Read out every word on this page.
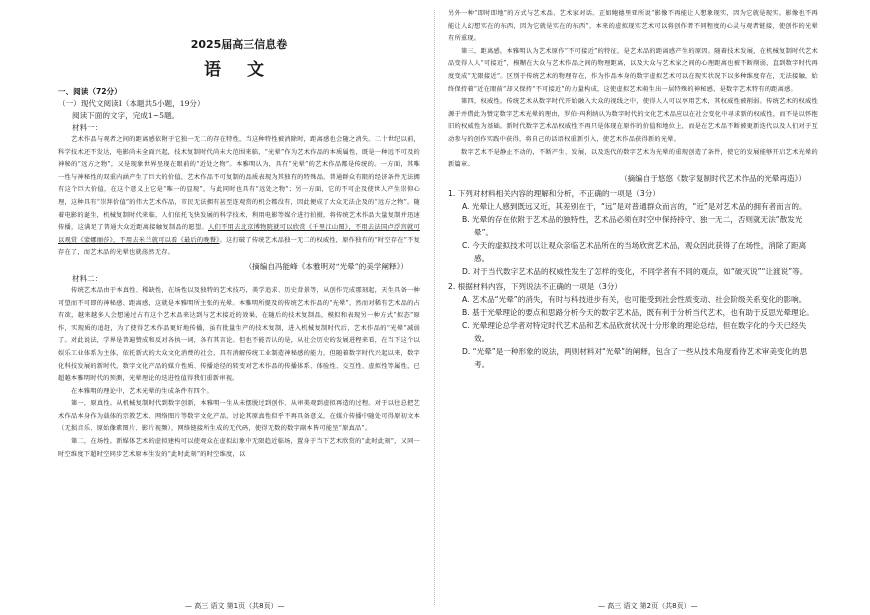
2025届高三信息卷

语 文

一、阅读（72分）

（一）现代文阅读Ⅰ（本题共5小题，19分）

阅读下面的文字，完成1~5题。

材料一：

艺术作品与观者之间的距离感依附于它独一无二的存在特性，当这种特性被消除时，距离感也会随之消失。二十世纪以前，科学技术还不发达，电影尚未全面兴起，技术复制时代尚未大范围来临，“光晕”作为艺术作品的本质属性，既是一种远不可及的神秘的“远方之物”，又是现象世界呈现在眼前的“近处之物”。本雅明认为，具有“光晕”的艺术作品都是传统的。一方面，其唯一性与神秘性的双重内涵产生了巨大的价值，艺术作品不可复制的品质表现为其独有的特殊品，普通群众有限的经济条件无法拥有这个巨大价值，在这个意义上它是“唯一的显现”，与此同时也具有“远处之物”；另一方面，它的不可企及使世人产生崇仰心理，这种具有“崇拜价值”的伟大艺术作品，市民无法拥有甚至连观赏的机会都没有，因此便成了大众无法企及的“远方之物”。随着电影的诞生，机械复制时代来临，人们依托飞快发展的科学技术，利用电影等媒介进行拍摄，将传统艺术作品大量复制并迅速传播，这满足了普通大众近距离接触复制品的愿望。人们不用去北京博物院就可以欣赏《千里江山图》，不用去法国卢浮宫就可以观赏《蒙娜丽莎》，不用去米兰就可以看《最后的晚餐》。这打破了传统艺术品独一无二的权威性，原作独有的“时空存在”不复存在了，而艺术品的光晕也就荡然无存。

（摘编自冯能峰《本雅明对“光晕”的美学阐释》）

材料二：

传统艺术品由于本真性、稀缺性，在场性以及独特的艺术技巧，美学追求、历史背景等，从创作完成那刻起，天生具备一种可望而不可即的神秘感、距离感，这就是本雅明所主张的光晕。本雅明所提及的传统艺术作品的“光晕”，然而对稀有艺术品的占有欲，越来越多人会想通过占有这个艺术品来达到与艺术接近的效果，在随后的技术复制品，模拟和表现另一种方式“拟态”原作，实现质的追赶，为了使得艺术作品更好地传播，虽有批量生产的技术复制，进入机械复制时代后，艺术作品的“光晕”减弱了。对此说法，学界是普遍赞成和反对各执一词，各有其言论。但也不能否认的是，从社会历史的发展进程来看，在当下这个以娱乐工业体系为主体，依托新式的大众文化消费的社会，具有消解传统工业制造神秘感的能力，但随着数字时代兴起以来，数字化科技发展的新时代，数字文化产品的媒介性质、传播途径的转变对艺术作品的传播体系、体验性、交互性、虚拟性等属性，已超越本雅明时代的预测，光晕理论的迭进性值得我们重新审视。

在本雅明的理论中，艺术光晕的生成条件有四个。

第一，原真性。从机械复制时代到数字创新，本雅明一生从未摆脱过到创作、从审美观到虚拟再造的过程。对于以往总把艺术作品本身作为载体的宗教艺术、网络图片等数字文化产品，讨论其原真性似乎不再具备意义，在媒介传播中随处可得原初文本（无损音乐、原始像素图片、影片视频），网络链接所生成的无代码，使得无数的数字副本皆可能呈“原真品”。

第二，在场性。新媒体艺术的虚拟建构可以使观众在虚拟幻象中无限趋近临场，置身于当下艺术欣赏的“此时此刻”，又同一时空维度下超时空同步艺术原本生发的“此时此刻”的时空维度，以

另外一种“即时即地”的方式与艺术品、艺术家对话。正如鲍德里亚所说“影像不再能让人想象现实，因为它就是现实。影像也不再能让人幻想实在的东西，因为它就是实在的东西”，本来的虚拟现实艺术可以将创作者不同程度的心灵与观者链接，使创作的光晕有所重现。

第三，距离感。本雅明认为艺术原作“不可接近”的特征，是艺术品的距离感产生的原因。随着技术发展，在机械复制时代艺术品变得人人“可接近”，模糊在大众与艺术作品之间的物理距离，以及大众与艺术家之间的心理距离也被不断削弱，直到数字时代再度变成“无限接近”。区别于传统艺术的物理存在，作为作品本身的数字虚拟艺术可以在现实状况下以多种维度存在，无法接触，始终保持着“近在眼前”却又保持“不可接近”的力量构成，这使虚拟艺术萌生出一层特殊的神秘感，是数字艺术特有的距离感。

第四，权威性。传统艺术从数字时代开始融入大众的视线之中，使得人人可以享用艺术，其权威性被削弱。传统艺术的权威性源于并借此为赞定数字艺术光晕的理由，罗伯·玛利纳认为数字时代的文化艺术品应以在社会变化中寻求新的权威性，而不是以怀抱旧的权威性为基础。新时代数字艺术品权威性不再只是体现在原作的价值和地位上，而是在艺术品不断被更新迭代以及人们对于互动参与的创作实践中获得，将自己的话语权重新引入，使艺术作品获得新的光晕。

数字艺术不是静止不动的，不断产生、发展，以及迭代的数字艺术为光晕的重现创造了条件，使它的发展能够开启艺术光晕的新篇章。

（摘编自于悠悠《数字复制时代艺术作品的光晕再造》）

1. 下列对材料相关内容的理解和分析，不正确的一项是（3分）

A. 光晕让人感到既远又近，其差别在于，“远”是对普通群众而言的，“近”是对艺术品的拥有者而言的。

B. 光晕的存在依附于艺术品的独特性，艺术品必须在时空中保持持守、独一无二，否则就无法“散发光晕”。

C. 今天的虚拟技术可以让观众亲临艺术品所在的当场欣赏艺术品，观众因此获得了在场性，消除了距离感。

D. 对于当代数字艺术品的权威性发生了怎样的变化，不同学者有不同的观点，如“破灭说”“让渡说”等。

2. 根据材料内容，下列说法不正确的一项是（3分）

A. 艺术品“光晕”的消失，有时与科技进步有关，也可能受到社会性质变动、社会阶级关系变化的影响。

B. 基于光晕理论的要点和思路分析今天的数字艺术品，既有利于分析当代艺术，也有助于反思光晕理论。

C. 光晕理论总学者对特定时代艺术品和艺术品欣赏状况十分形象的理论总结，但在数字化的今天已经失效。

D. “光晕”是一种形象的说法，两则材料对“光晕”的阐释，包含了一些从技术角度看待艺术审美变化的思考。

— 高三 语文 第1页（共8页）—	— 高三 语文 第2页（共8页）—
